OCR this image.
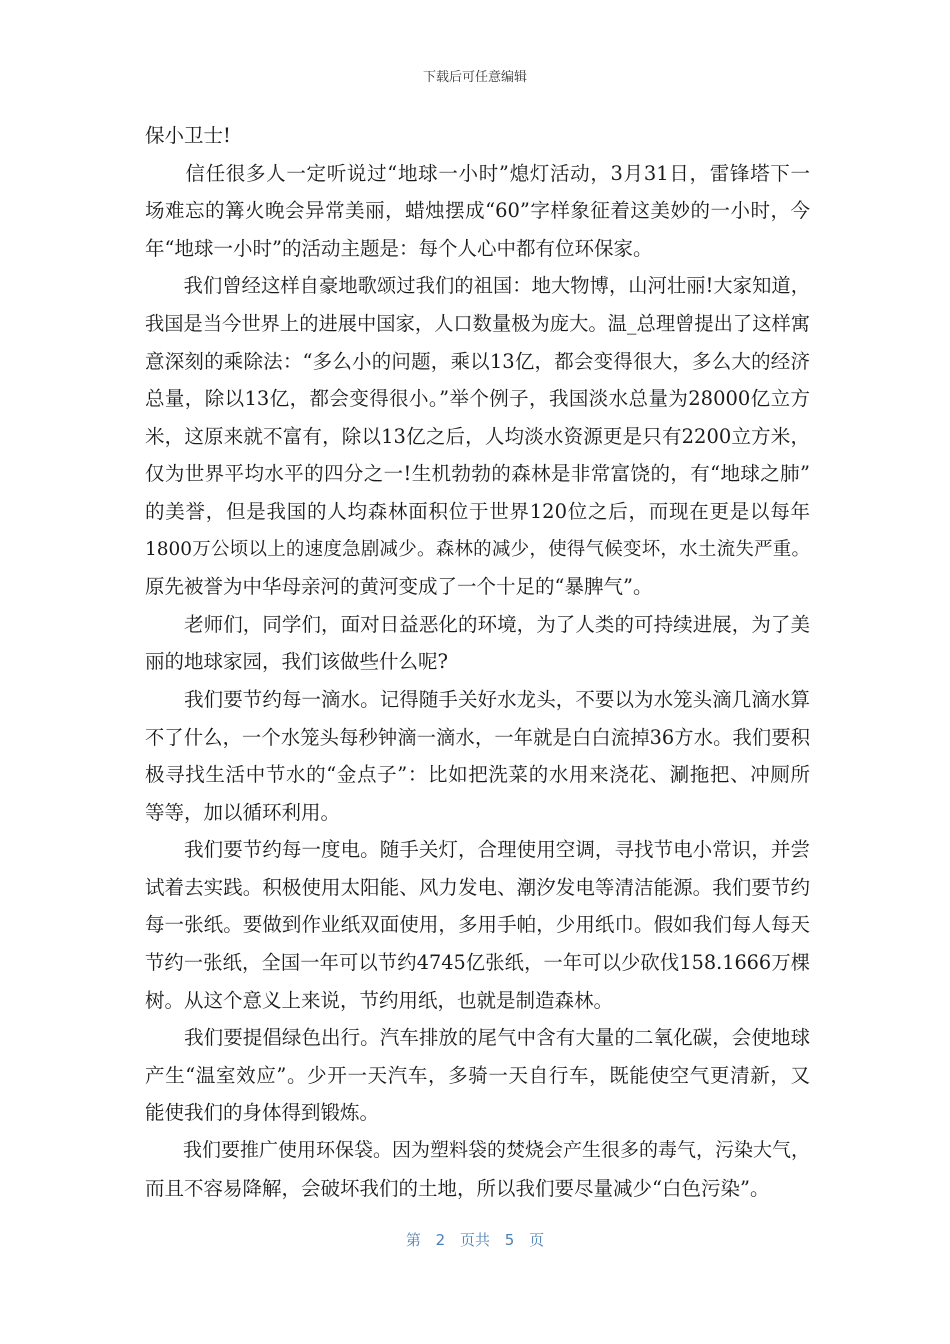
下载后可任意编辑
保小卫士!
　　信任很多人一定听说过“地球一小时”熄灯活动，3月31日，雷锋塔下一
场难忘的篝火晚会异常美丽，蜡烛摆成“60”字样象征着这美妙的一小时，今
年“地球一小时”的活动主题是：每个人心中都有位环保家。
　　我们曾经这样自豪地歌颂过我们的祖国：地大物博，山河壮丽!大家知道，
我国是当今世界上的进展中国家，人口数量极为庞大。温_总理曾提出了这样寓
意深刻的乘除法：“多么小的问题，乘以13亿，都会变得很大，多么大的经济
总量，除以13亿，都会变得很小。”举个例子，我国淡水总量为28000亿立方
米，这原来就不富有，除以13亿之后，人均淡水资源更是只有2200立方米，
仅为世界平均水平的四分之一!生机勃勃的森林是非常富饶的，有“地球之肺”
的美誉，但是我国的人均森林面积位于世界120位之后，而现在更是以每年
1800万公顷以上的速度急剧减少。森林的减少，使得气候变坏，水土流失严重。
原先被誉为中华母亲河的黄河变成了一个十足的“暴脾气”。
　　老师们，同学们，面对日益恶化的环境，为了人类的可持续进展，为了美
丽的地球家园，我们该做些什么呢?
　　我们要节约每一滴水。记得随手关好水龙头，不要以为水笼头滴几滴水算
不了什么，一个水笼头每秒钟滴一滴水，一年就是白白流掉36方水。我们要积
极寻找生活中节水的“金点子”：比如把洗菜的水用来浇花、涮拖把、冲厕所
等等，加以循环利用。
　　我们要节约每一度电。随手关灯，合理使用空调，寻找节电小常识，并尝
试着去实践。积极使用太阳能、风力发电、潮汐发电等清洁能源。我们要节约
每一张纸。要做到作业纸双面使用，多用手帕，少用纸巾。假如我们每人每天
节约一张纸，全国一年可以节约4745亿张纸，一年可以少砍伐158.1666万棵
树。从这个意义上来说，节约用纸，也就是制造森林。
　　我们要提倡绿色出行。汽车排放的尾气中含有大量的二氧化碳，会使地球
产生“温室效应”。少开一天汽车，多骑一天自行车，既能使空气更清新，又
能使我们的身体得到锻炼。
　　我们要推广使用环保袋。因为塑料袋的焚烧会产生很多的毒气，污染大气，
而且不容易降解，会破坏我们的土地，所以我们要尽量减少“白色污染”。
第 2 页共 5 页
